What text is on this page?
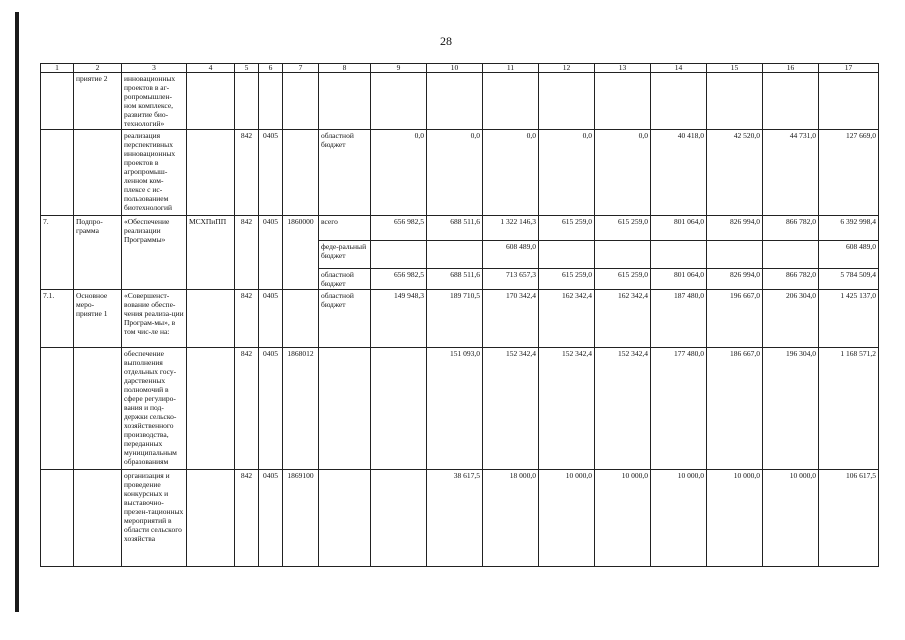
28
1	2	3	4	5	6	7	8	9	10	11	12	13	14	15	16	17
	приятие 2	инновационных проектов в аг-ропромышлен-ном комплексе, развитие био-технологий»														
		реализация перспективных инновационных проектов в агропромыш-ленном ком-плексе с ис-пользованием биотехнологий		842	0405		областной бюджет	0,0	0,0	0,0	0,0	0,0	40 418,0	42 520,0	44 731,0	127 669,0
7.	Подпро-грамма	«Обеспечение реализации Программы»	МСХПиПП	842	0405	1860000	всего	656 982,5	688 511,6	1 322 146,3	615 259,0	615 259,0	801 064,0	826 994,0	866 782,0	6 392 998,4
							феде-ральный бюджет			608 489,0						608 489,0
							областной бюджет	656 982,5	688 511,6	713 657,3	615 259,0	615 259,0	801 064,0	826 994,0	866 782,0	5 784 509,4
7.1.	Основное меро-приятие 1	«Совершенст-вование обеспе-чения реализа-ции Програм-мы», в том чис-ле на:		842	0405		областной бюджет	149 948,3	189 710,5	170 342,4	162 342,4	162 342,4	187 480,0	196 667,0	206 304,0	1 425 137,0
		обеспечение выполнения отдельных госу-дарственных полномочий в сфере регулиро-вания и под-держки сельско-хозяйственного производства, переданных муниципальным образованиям		842	0405	1868012			151 093,0	152 342,4	152 342,4	152 342,4	177 480,0	186 667,0	196 304,0	1 168 571,2
		организация и проведение конкурсных и выставочно-презен-тационных мероприятий в области сельского хозяйства		842	0405	1869100			38 617,5	18 000,0	10 000,0	10 000,0	10 000,0	10 000,0	10 000,0	106 617,5
